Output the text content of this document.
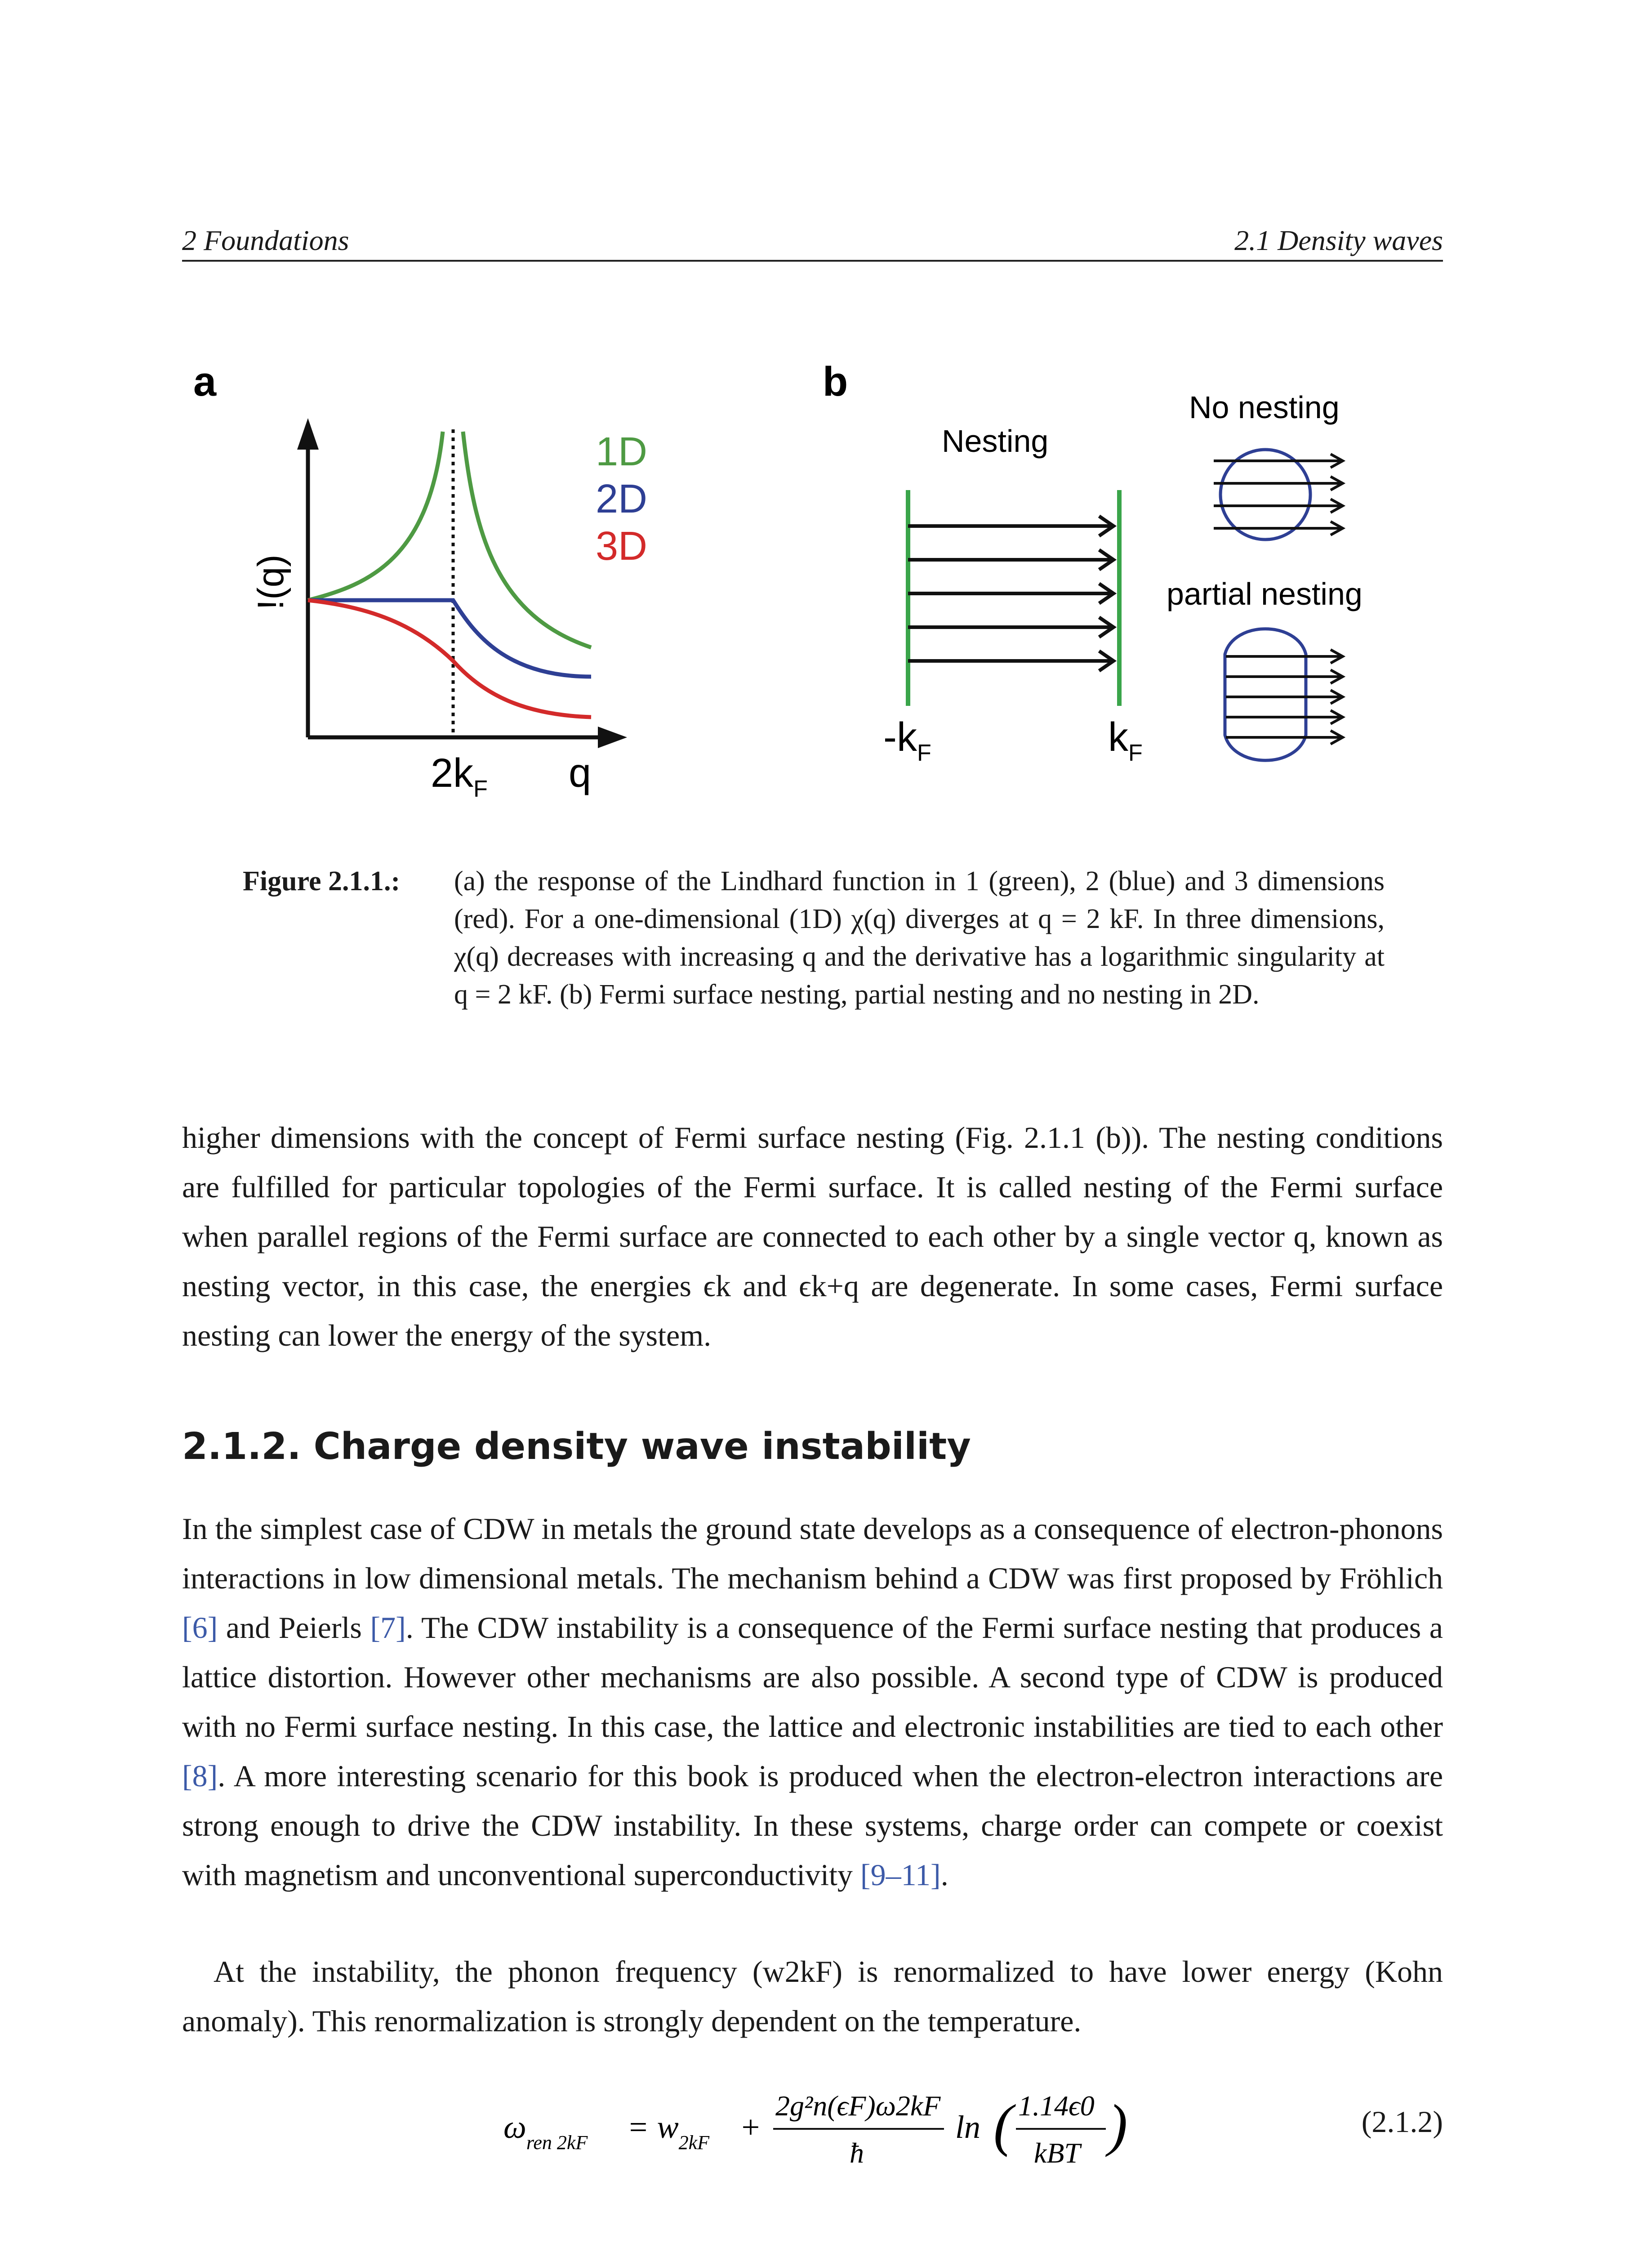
2 Foundations	2.1 Density waves
a
!(q)
$2k_F$ q
1D
2D
3D
b
Nesting
$-k_F$	$k_F$
No nesting
partial nesting
Figure 2.1.1.: (a) the response of the Lindhard function in 1 (green), 2 (blue) and 3 dimensions (red). For a one-dimensional (1D) χ(q) diverges at q = 2 kF. In three dimensions, χ(q) decreases with increasing q and the derivative has a logarithmic singularity at q = 2 kF. (b) Fermi surface nesting, partial nesting and no nesting in 2D.
higher dimensions with the concept of Fermi surface nesting (Fig. 2.1.1 (b)). The nesting conditions are fulfilled for particular topologies of the Fermi surface. It is called nesting of the Fermi surface when parallel regions of the Fermi surface are connected to each other by a single vector q, known as nesting vector, in this case, the energies ϵk and ϵk+q are degenerate. In some cases, Fermi surface nesting can lower the energy of the system.
2.1.2. Charge density wave instability
In the simplest case of CDW in metals the ground state develops as a consequence of electron-phonons interactions in low dimensional metals. The mechanism behind a CDW was first proposed by Fröhlich [6] and Peierls [7]. The CDW instability is a consequence of the Fermi surface nesting that produces a lattice distortion. However other mechanisms are also possible. A second type of CDW is produced with no Fermi surface nesting. In this case, the lattice and electronic instabilities are tied to each other [8]. A more interesting scenario for this book is produced when the electron-electron interactions are strong enough to drive the CDW instability. In these systems, charge order can compete or coexist with magnetism and unconventional superconductivity [9–11].
At the instability, the phonon frequency (w2kF) is renormalized to have lower energy (Kohn anomaly). This renormalization is strongly dependent on the temperature.
$\omega_{ren 2kF} = w_{2kF}$ +
2g²n(ϵF)ω2kF
ħ
ln ( 1.14ϵ0
kBT )	(2.1.2)
